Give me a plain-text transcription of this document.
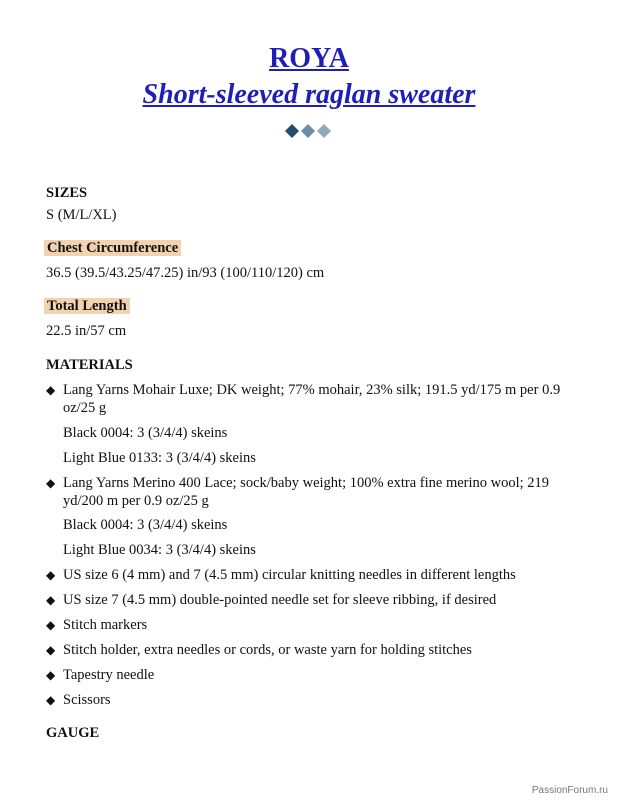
ROYA
Short-sleeved raglan sweater
SIZES
S (M/L/XL)
Chest Circumference
36.5 (39.5/43.25/47.25) in/93 (100/110/120) cm
Total Length
22.5 in/57 cm
MATERIALS
◆ Lang Yarns Mohair Luxe; DK weight; 77% mohair, 23% silk; 191.5 yd/175 m per 0.9 oz/25 g
Black 0004: 3 (3/4/4) skeins
Light Blue 0133: 3 (3/4/4) skeins
◆ Lang Yarns Merino 400 Lace; sock/baby weight; 100% extra fine merino wool; 219 yd/200 m per 0.9 oz/25 g
Black 0004: 3 (3/4/4) skeins
Light Blue 0034: 3 (3/4/4) skeins
◆ US size 6 (4 mm) and 7 (4.5 mm) circular knitting needles in different lengths
◆ US size 7 (4.5 mm) double-pointed needle set for sleeve ribbing, if desired
◆ Stitch markers
◆ Stitch holder, extra needles or cords, or waste yarn for holding stitches
◆ Tapestry needle
◆ Scissors
GAUGE
PassionForum.ru
